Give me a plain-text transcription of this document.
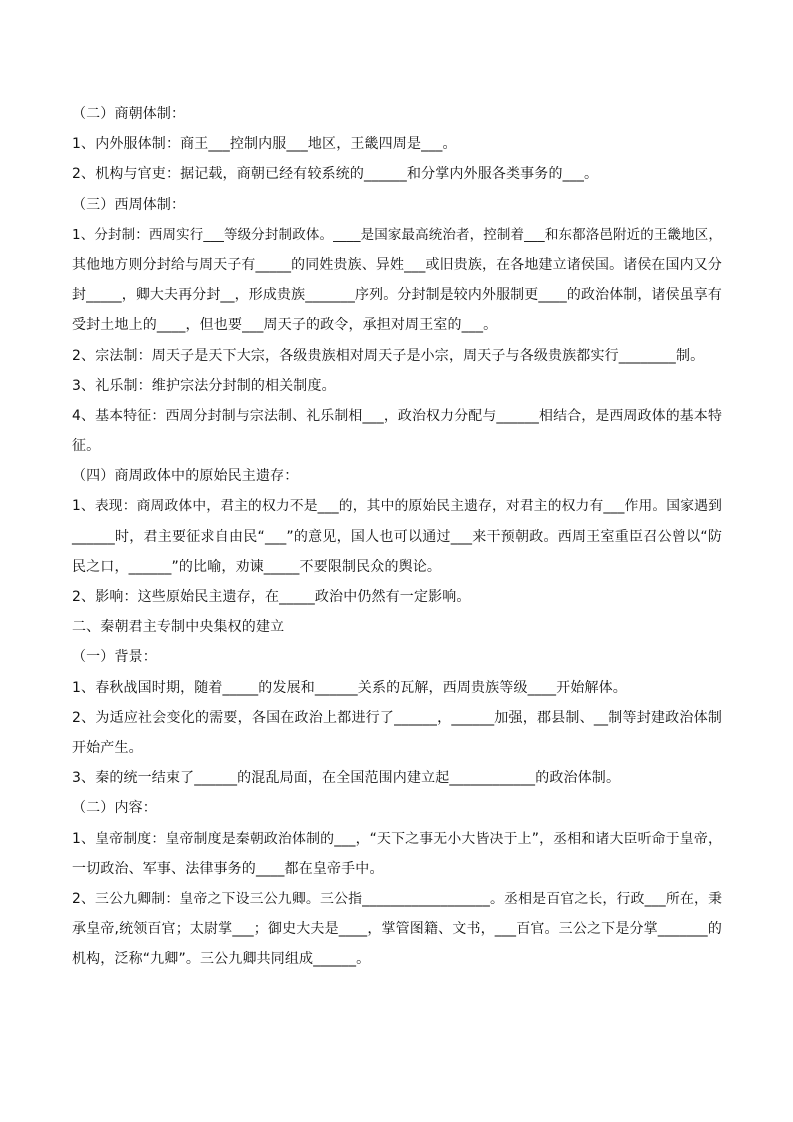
（二）商朝体制：
1、内外服体制：商王___控制内服___地区，王畿四周是___。
2、机构与官吏：据记载，商朝已经有较系统的______和分掌内外服各类事务的___。
（三）西周体制：
1、分封制：西周实行___等级分封制政体。____是国家最高统治者，控制着___和东都洛邑附近的王畿地区，
其他地方则分封给与周天子有_____的同姓贵族、异姓___或旧贵族，在各地建立诸侯国。诸侯在国内又分
封_____，卿大夫再分封__，形成贵族_______序列。分封制是较内外服制更____的政治体制，诸侯虽享有
受封土地上的____，但也要___周天子的政令，承担对周王室的___。
2、宗法制：周天子是天下大宗，各级贵族相对周天子是小宗，周天子与各级贵族都实行________制。
3、礼乐制：维护宗法分封制的相关制度。
4、基本特征：西周分封制与宗法制、礼乐制相___，政治权力分配与______相结合，是西周政体的基本特
征。
（四）商周政体中的原始民主遗存：
1、表现：商周政体中，君主的权力不是___的，其中的原始民主遗存，对君主的权力有___作用。国家遇到
______时，君主要征求自由民“___”的意见，国人也可以通过___来干预朝政。西周王室重臣召公曾以“防
民之口，______”的比喻，劝谏_____不要限制民众的舆论。
2、影响：这些原始民主遗存，在_____政治中仍然有一定影响。
二、秦朝君主专制中央集权的建立
（一）背景：
1、春秋战国时期，随着_____的发展和______关系的瓦解，西周贵族等级____开始解体。
2、为适应社会变化的需要，各国在政治上都进行了______，______加强，郡县制、__制等封建政治体制
开始产生。
3、秦的统一结束了______的混乱局面，在全国范围内建立起____________的政治体制。
（二）内容：
1、皇帝制度：皇帝制度是秦朝政治体制的___，“天下之事无小大皆决于上”，丞相和诸大臣听命于皇帝，
一切政治、军事、法律事务的____都在皇帝手中。
2、三公九卿制：皇帝之下设三公九卿。三公指__________________。丞相是百官之长，行政___所在，秉
承皇帝,统领百官；太尉掌___；御史大夫是____，掌管图籍、文书，___百官。三公之下是分掌_______的
机构，泛称“九卿”。三公九卿共同组成______。
